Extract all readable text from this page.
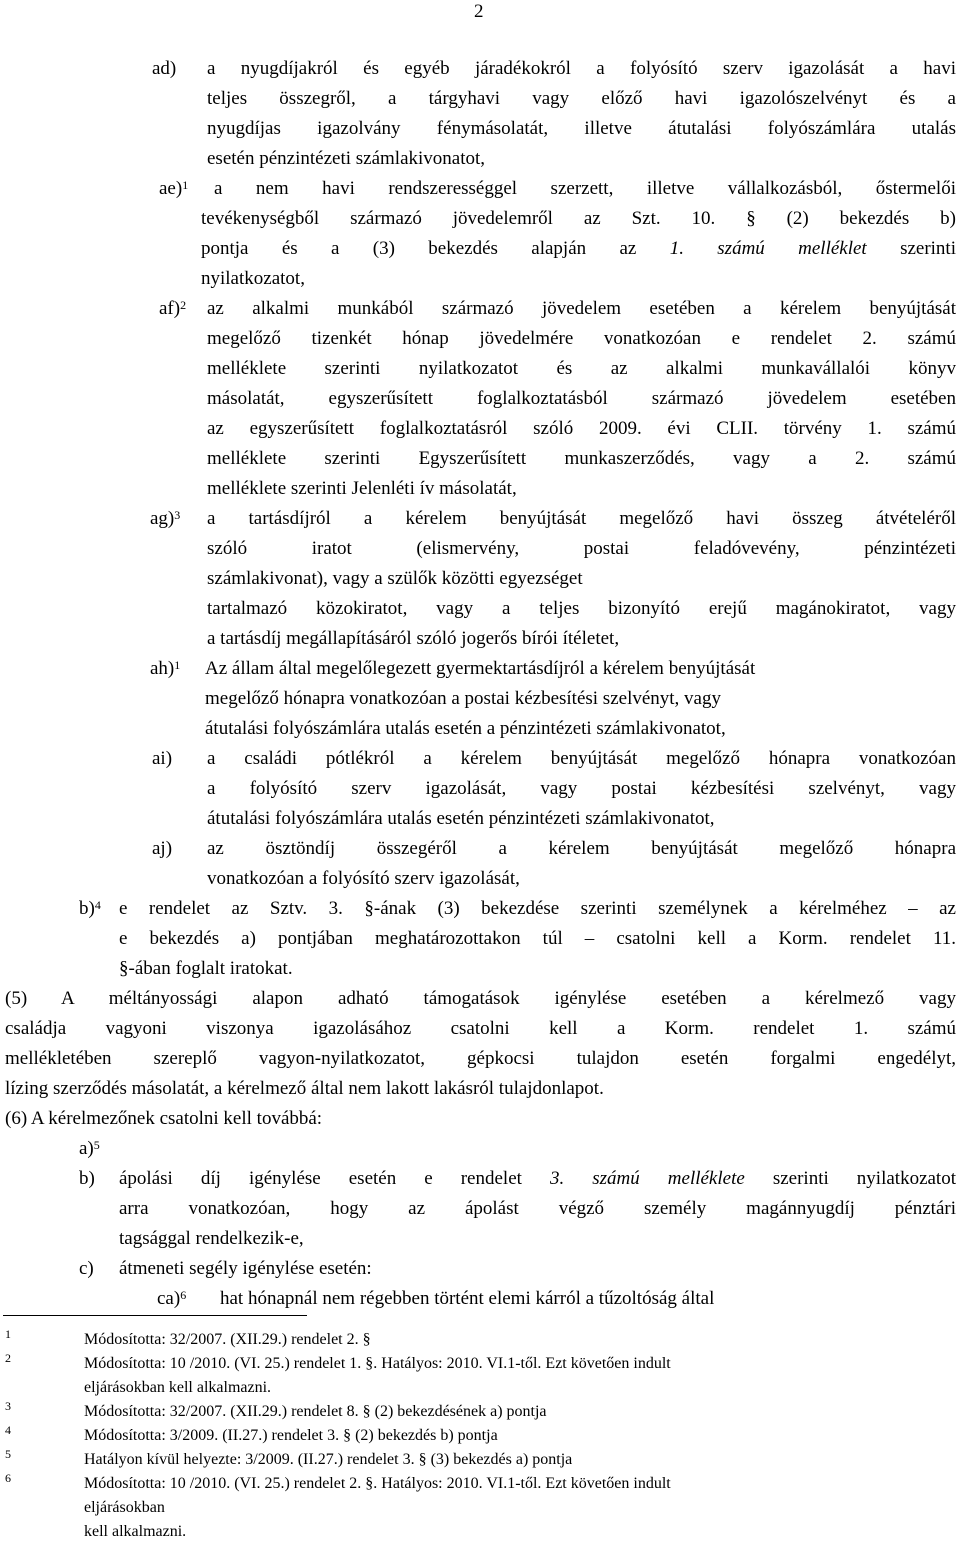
2
ad) a nyugdíjakról és egyéb járadékokról a folyósító szerv igazolását a havi
teljes összegről, a tárgyhavi vagy előző havi igazolószelvényt és a
nyugdíjas igazolvány fénymásolatát, illetve átutalási folyószámlára utalás
esetén pénzintézeti számlakivonatot,
ae)$^1$ a nem havi rendszerességgel szerzett, illetve vállalkozásból, őstermelői
tevékenységből származó jövedelemről az Szt. 10. § (2) bekezdés b)
pontja és a (3) bekezdés alapján az 1. számú melléklet szerinti
nyilatkozatot,
af)$^2$ az alkalmi munkából származó jövedelem esetében a kérelem benyújtását
megelőző tizenkét hónap jövedelmére vonatkozóan e rendelet 2. számú
melléklete szerinti nyilatkozatot és az alkalmi munkavállalói könyv
másolatát, egyszerűsített foglalkoztatásból származó jövedelem esetében
az egyszerűsített foglalkoztatásról szóló 2009. évi CLII. törvény 1. számú
melléklete szerinti Egyszerűsített munkaszerződés, vagy a 2. számú
melléklete szerinti Jelenléti ív másolatát,
ag)$^3$ a tartásdíjról a kérelem benyújtását megelőző havi összeg átvételéről
szóló iratot (elismervény, postai feladóvevény, pénzintézeti
számlakivonat), vagy a szülők közötti egyezséget
tartalmazó közokiratot, vagy a teljes bizonyító erejű magánokiratot, vagy
a tartásdíj megállapításáról szóló jogerős bírói ítéletet,
ah)$^1$ Az állam által megelőlegezett gyermektartásdíjról a kérelem benyújtását
megelőző hónapra vonatkozóan a postai kézbesítési szelvényt, vagy
átutalási folyószámlára utalás esetén a pénzintézeti számlakivonatot,
ai) a családi pótlékról a kérelem benyújtását megelőző hónapra vonatkozóan
a folyósító szerv igazolását, vagy postai kézbesítési szelvényt, vagy
átutalási folyószámlára utalás esetén pénzintézeti számlakivonatot,
aj) az ösztöndíj összegéről a kérelem benyújtását megelőző hónapra
vonatkozóan a folyósító szerv igazolását,
b)$^4$ e rendelet az Sztv. 3. §-ának (3) bekezdése szerinti személynek a kérelméhez – az
e bekezdés a) pontjában meghatározottakon túl – csatolni kell a Korm. rendelet 11.
§-ában foglalt iratokat.
(5) A méltányossági alapon adható támogatások igénylése esetében a kérelmező vagy
családja vagyoni viszonya igazolásához csatolni kell a Korm. rendelet 1. számú
mellékletében szereplő vagyon-nyilatkozatot, gépkocsi tulajdon esetén forgalmi engedélyt,
lízing szerződés másolatát, a kérelmező által nem lakott lakásról tulajdonlapot.
(6) A kérelmezőnek csatolni kell továbbá:
a)$^5$
b) ápolási díj igénylése esetén e rendelet 3. számú melléklete szerinti nyilatkozatot
arra vonatkozóan, hogy az ápolást végző személy magánnyugdíj pénztári
tagsággal rendelkezik-e,
c) átmeneti segély igénylése esetén:
ca)$^6$ hat hónapnál nem régebben történt elemi kárról a tűzoltóság által
1	Módosította: 32/2007. (XII.29.) rendelet 2. §
2	Módosította: 10 /2010. (VI. 25.) rendelet 1. §. Hatályos: 2010. VI.1-től. Ezt követően indult
eljárásokban kell alkalmazni.
3	Módosította: 32/2007. (XII.29.) rendelet 8. § (2) bekezdésének a) pontja
4	Módosította: 3/2009. (II.27.) rendelet 3. § (2) bekezdés b) pontja
5	Hatályon kívül helyezte: 3/2009. (II.27.) rendelet 3. § (3) bekezdés a) pontja
6	Módosította: 10 /2010. (VI. 25.) rendelet 2. §. Hatályos: 2010. VI.1-től. Ezt követően indult
eljárásokban
kell alkalmazni.
